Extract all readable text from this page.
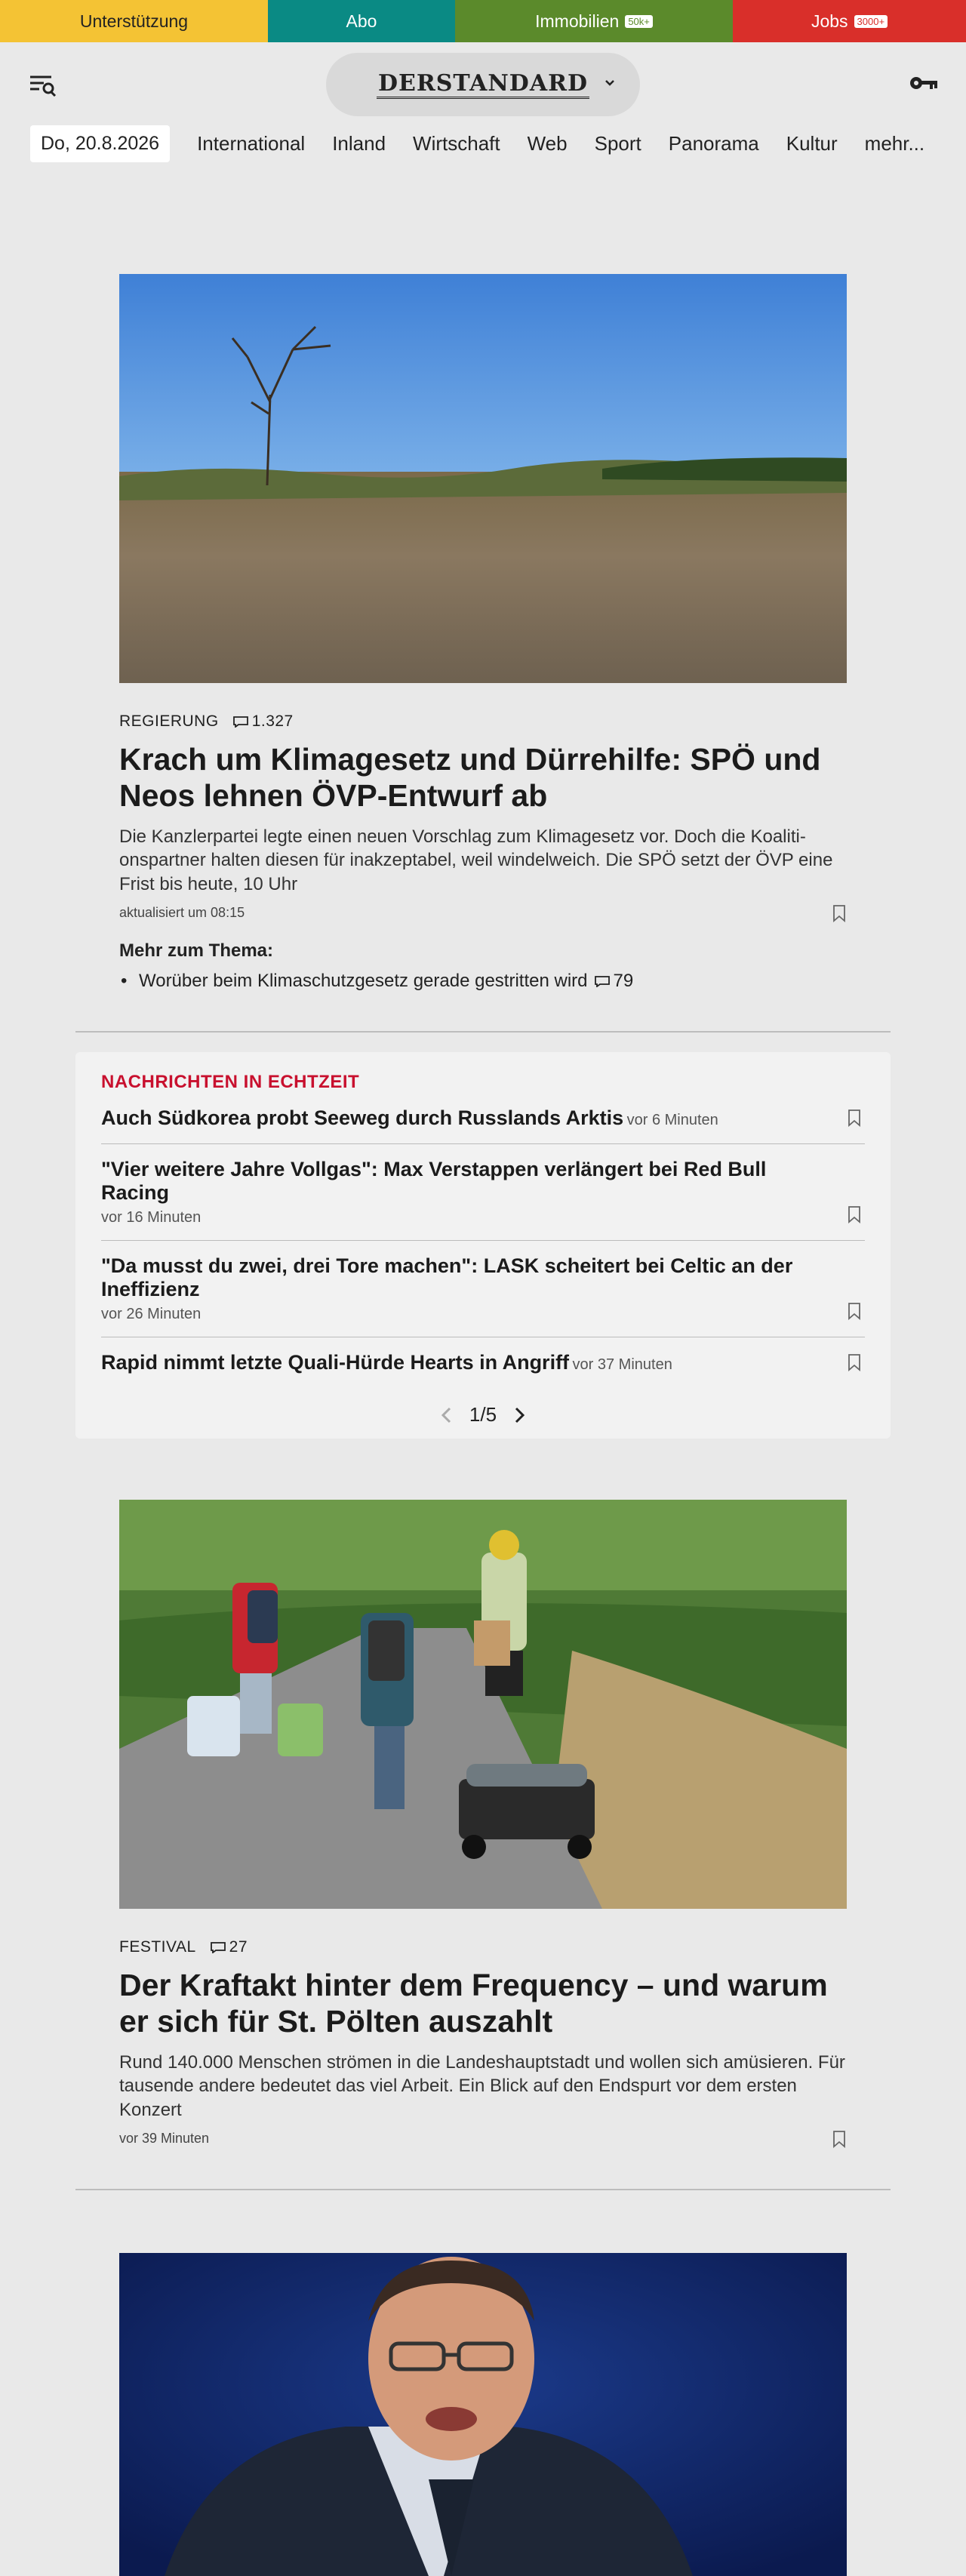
Unterstützung	Abo	Immobilien 50k+	Jobs 3000+
DERSTANDARD
Do, 20.8.2026	International Inland Wirtschaft Web Sport Panorama Kultur mehr...
REGIERUNG 1.327
Krach um Klimagesetz und Dürrehilfe: SPÖ und Neos lehnen ÖVP-Entwurf ab

Die Kanzlerpartei legte einen neuen Vorschlag zum Klimagesetz vor. Doch die Koaliti-onspartner halten diesen für inakzeptabel, weil windelweich. Die SPÖ setzt der ÖVP eine Frist bis heute, 10 Uhr

aktualisiert um 08:15
Mehr zum Thema:
• Worüber beim Klimaschutzgesetz gerade gestritten wird 79
NACHRICHTEN IN ECHTZEIT
Auch Südkorea probt Seeweg durch Russlands Arktis vor 6 Minuten
"Vier weitere Jahre Vollgas": Max Verstappen verlängert bei Red Bull Racing
vor 16 Minuten
"Da musst du zwei, drei Tore machen": LASK scheitert bei Celtic an der Ineffizienz
vor 26 Minuten
Rapid nimmt letzte Quali-Hürde Hearts in Angriff vor 37 Minuten
1/5
FESTIVAL 27
Der Kraftakt hinter dem Frequency – und warum er sich für St. Pölten auszahlt

Rund 140.000 Menschen strömen in die Landeshauptstadt und wollen sich amüsieren. Für tausende andere bedeutet das viel Arbeit. Ein Blick auf den Endspurt vor dem ersten Konzert

vor 39 Minuten
